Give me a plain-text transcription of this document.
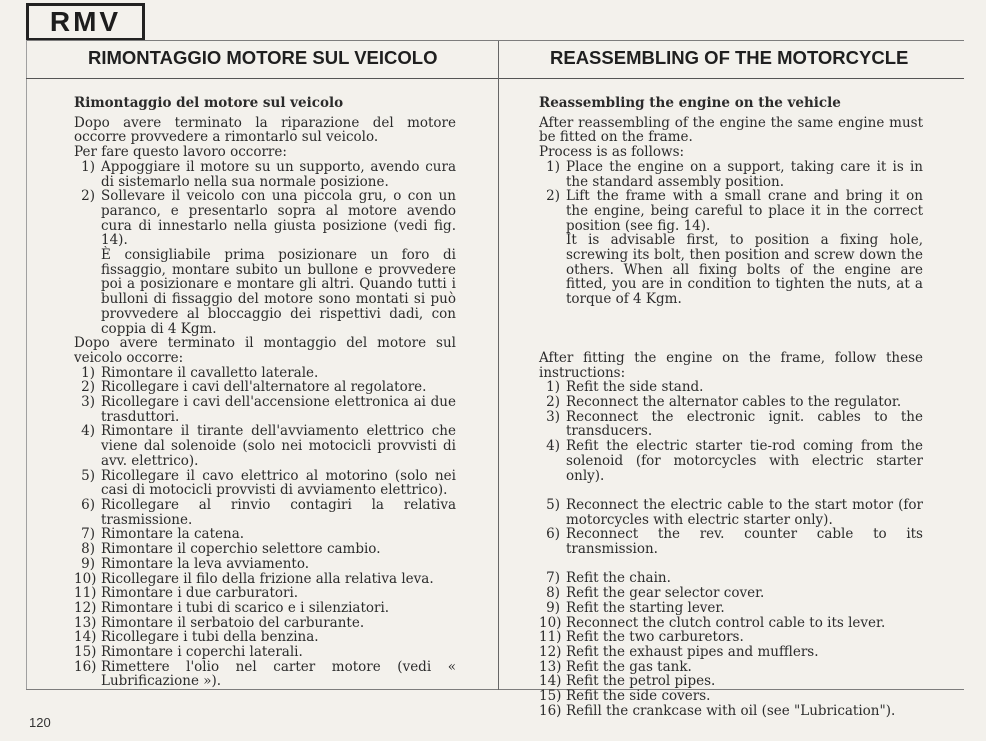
RMV
RIMONTAGGIO MOTORE SUL VEICOLO	REASSEMBLING OF THE MOTORCYCLE
Rimontaggio del motore sul veicolo

Dopo avere terminato la riparazione del motore occorre provvedere a rimontarlo sul veicolo.

Per fare questo lavoro occorre:

1) Appoggiare il motore su un supporto, avendo cura di sistemarlo nella sua normale posizione.
2) Sollevare il veicolo con una piccola gru, o con un paranco, e presentarlo sopra al motore avendo cura di innestarlo nella giusta posizione (vedi fig. 14).
È consigliabile prima posizionare un foro di fissaggio, montare subito un bullone e provvedere poi a posizionare e montare gli altri. Quando tutti i bulloni di fissaggio del motore sono montati si può provvedere al bloccaggio dei rispettivi dadi, con coppia di 4 Kgm.

Dopo avere terminato il montaggio del motore sul veicolo occorre:

1) Rimontare il cavalletto laterale.
2) Ricollegare i cavi dell'alternatore al regolatore.
3) Ricollegare i cavi dell'accensione elettronica ai due trasduttori.
4) Rimontare il tirante dell'avviamento elettrico che viene dal solenoide (solo nei motocicli provvisti di avv. elettrico).
5) Ricollegare il cavo elettrico al motorino (solo nei casi di motocicli provvisti di avviamento elettrico).
6) Ricollegare al rinvio contagiri la relativa trasmissione.
7) Rimontare la catena.
8) Rimontare il coperchio selettore cambio.
9) Rimontare la leva avviamento.
10) Ricollegare il filo della frizione alla relativa leva.
11) Rimontare i due carburatori.
12) Rimontare i tubi di scarico e i silenziatori.
13) Rimontare il serbatoio del carburante.
14) Ricollegare i tubi della benzina.
15) Rimontare i coperchi laterali.
16) Rimettere l'olio nel carter motore (vedi « Lubrificazione »).
Reassembling the engine on the vehicle

After reassembling of the engine the same engine must be fitted on the frame.

Process is as follows:

1) Place the engine on a support, taking care it is in the standard assembly position.
2) Lift the frame with a small crane and bring it on the engine, being careful to place it in the correct position (see fig. 14).
It is advisable first, to position a fixing hole, screwing its bolt, then position and screw down the others. When all fixing bolts of the engine are fitted, you are in condition to tighten the nuts, at a torque of 4 Kgm.

After fitting the engine on the frame, follow these instructions:

1) Refit the side stand.
2) Reconnect the alternator cables to the regulator.
3) Reconnect the electronic ignit. cables to the transducers.
4) Refit the electric starter tie-rod coming from the solenoid (for motorcycles with electric starter only).
5) Reconnect the electric cable to the start motor (for motorcycles with electric starter only).
6) Reconnect the rev. counter cable to its transmission.
7) Refit the chain.
8) Refit the gear selector cover.
9) Refit the starting lever.
10) Reconnect the clutch control cable to its lever.
11) Refit the two carburetors.
12) Refit the exhaust pipes and mufflers.
13) Refit the gas tank.
14) Refit the petrol pipes.
15) Refit the side covers.
16) Refill the crankcase with oil (see "Lubrication").
120
